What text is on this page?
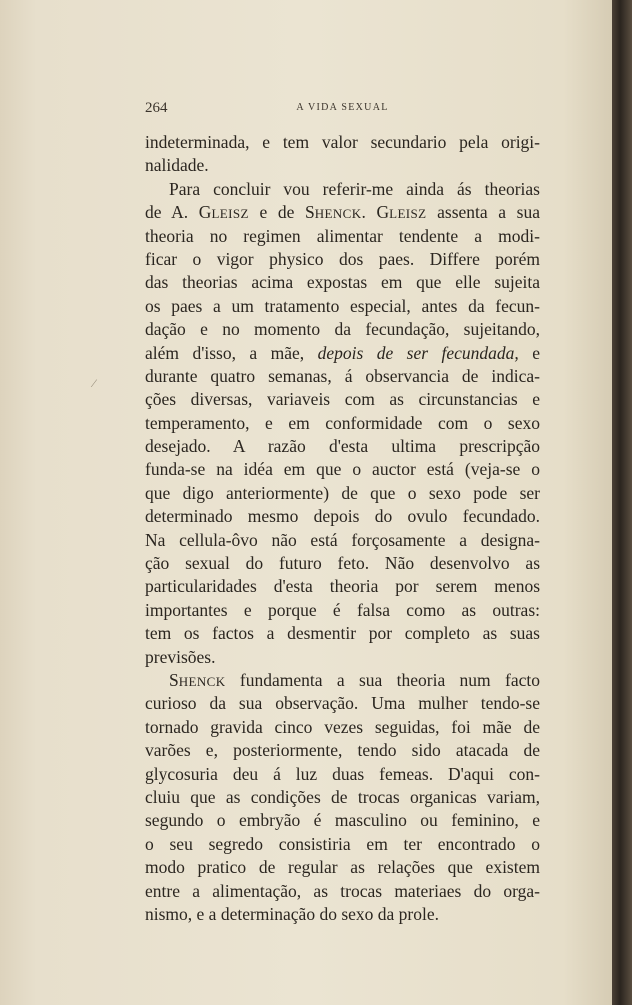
264	A VIDA SEXUAL
indeterminada, e tem valor secundario pela origi-
nalidade.
Para concluir vou referir-me ainda ás theorias
de A. GLEISZ e de SHENCK. GLEISZ assenta a sua
theoria no regimen alimentar tendente a modi-
ficar o vigor physico dos paes. Differe porém
das theorias acima expostas em que elle sujeita
os paes a um tratamento especial, antes da fecun-
dação e no momento da fecundação, sujeitando,
além d'isso, a mãe, depois de ser fecundada, e
durante quatro semanas, á observancia de indica-
ções diversas, variaveis com as circunstancias e
temperamento, e em conformidade com o sexo
desejado. A razão d'esta ultima prescripção
funda-se na idéa em que o auctor está (veja-se o
que digo anteriormente) de que o sexo pode ser
determinado mesmo depois do ovulo fecundado.
Na cellula-ôvo não está forçosamente a designa-
ção sexual do futuro feto. Não desenvolvo as
particularidades d'esta theoria por serem menos
importantes e porque é falsa como as outras:
tem os factos a desmentir por completo as suas
previsões.
SHENCK fundamenta a sua theoria num facto
curioso da sua observação. Uma mulher tendo-se
tornado gravida cinco vezes seguidas, foi mãe de
varões e, posteriormente, tendo sido atacada de
glycosuria deu á luz duas femeas. D'aqui con-
cluiu que as condições de trocas organicas variam,
segundo o embryão é masculino ou feminino, e
o seu segredo consistiria em ter encontrado o
modo pratico de regular as relações que existem
entre a alimentação, as trocas materiaes do orga-
nismo, e a determinação do sexo da prole.
⁄
